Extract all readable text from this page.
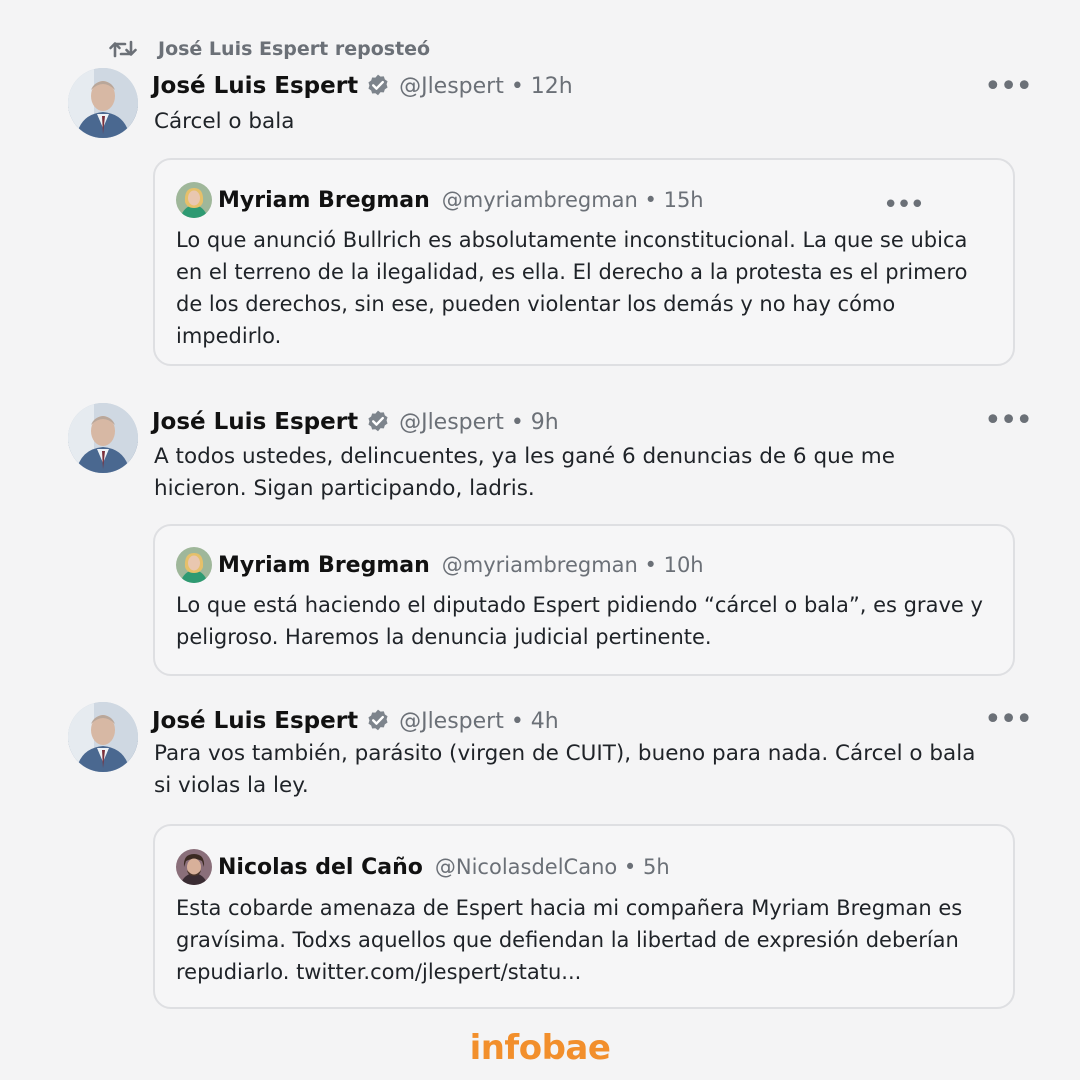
José Luis Espert reposteó
José Luis Espert @Jlespert • 12h	•••
Cárcel o bala
Myriam Bregman @myriambregman • 15h	•••
Lo que anunció Bullrich es absolutamente inconstitucional. La que se ubica en el terreno de la ilegalidad, es ella. El derecho a la protesta es el primero de los derechos, sin ese, pueden violentar los demás y no hay cómo impedirlo.
José Luis Espert @Jlespert • 9h	•••
A todos ustedes, delincuentes, ya les gané 6 denuncias de 6 que me hicieron. Sigan participando, ladris.
Myriam Bregman @myriambregman • 10h
Lo que está haciendo el diputado Espert pidiendo “cárcel o bala”, es grave y peligroso. Haremos la denuncia judicial pertinente.
José Luis Espert @Jlespert • 4h	•••
Para vos también, parásito (virgen de CUIT), bueno para nada. Cárcel o bala si violas la ley.
Nicolas del Caño @NicolasdelCano • 5h
Esta cobarde amenaza de Espert hacia mi compañera Myriam Bregman es gravísima. Todxs aquellos que defiendan la libertad de expresión deberían repudiarlo. twitter.com/jlespert/statu...
infobae
